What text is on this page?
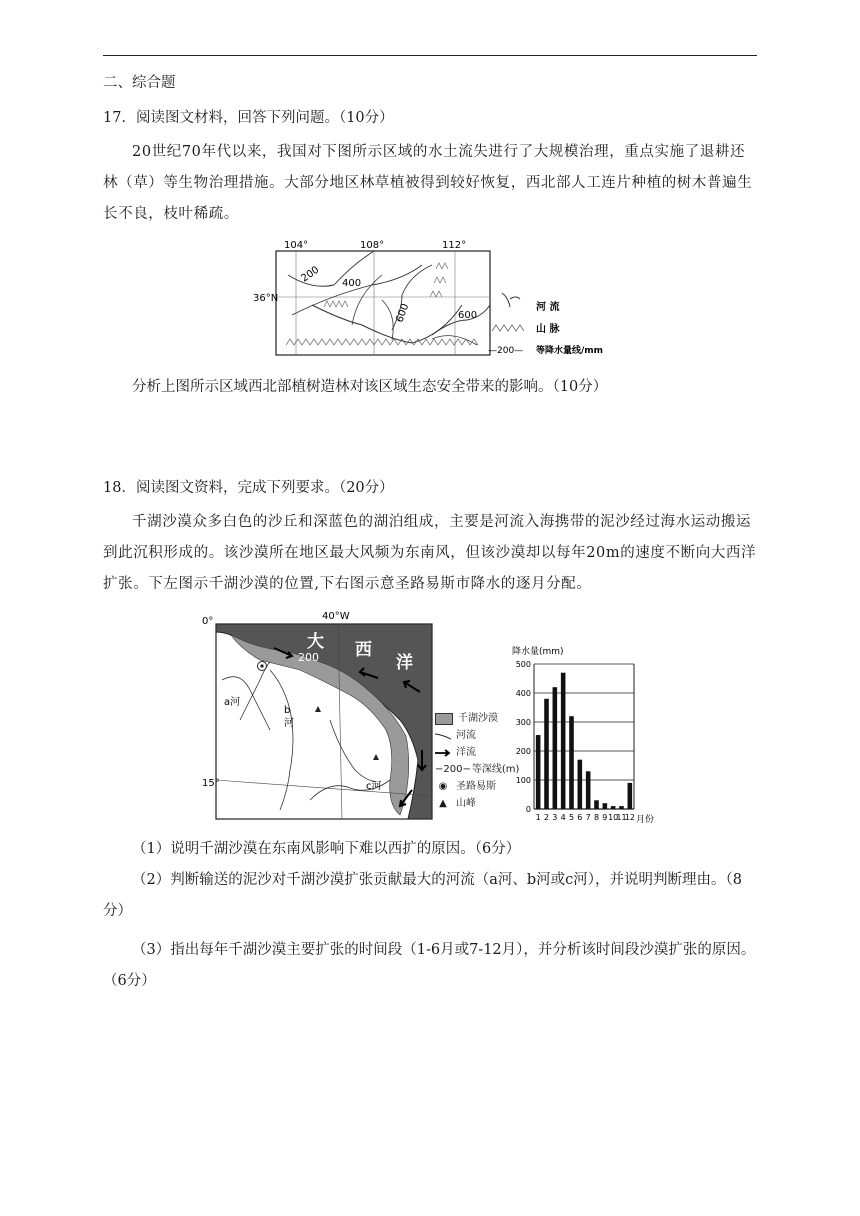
二、综合题
17．阅读图文材料，回答下列问题。（10分）
20世纪70年代以来，我国对下图所示区域的水土流失进行了大规模治理，重点实施了退耕还林（草）等生物治理措施。大部分地区林草植被得到较好恢复，西北部人工连片种植的树木普遍生长不良，枝叶稀疏。
104°	108°	112°
36°N
200 400
600	600
河 流
山 脉
—200— 等降水量线/mm
分析上图所示区域西北部植树造林对该区域生态安全带来的影响。（10分）
18．阅读图文资料，完成下列要求。（20分）
千湖沙漠众多白色的沙丘和深蓝色的湖泊组成，主要是河流入海携带的泥沙经过海水运动搬运到此沉积形成的。该沙漠所在地区最大风频为东南风，但该沙漠却以每年20m的速度不断向大西洋扩张。下左图示千湖沙漠的位置,下右图示意圣路易斯市降水的逐月分配。
大 西
洋
200
0°
15°
40°W
a河
b
河
c河
千湖沙漠
河流
洋流
−200− 等深线(m)
◉ 圣路易斯
▲ 山峰
降水量(mm)
0
100
200
300
400
500
1 2 3 4 5 6 7 8 9 10
11
12 月份
（1）说明千湖沙漠在东南风影响下难以西扩的原因。（6分）
（2）判断输送的泥沙对千湖沙漠扩张贡献最大的河流（a河、b河或c河），并说明判断理由。（8分）
（3）指出每年千湖沙漠主要扩张的时间段（1-6月或7-12月），并分析该时间段沙漠扩张的原因。（6分）
